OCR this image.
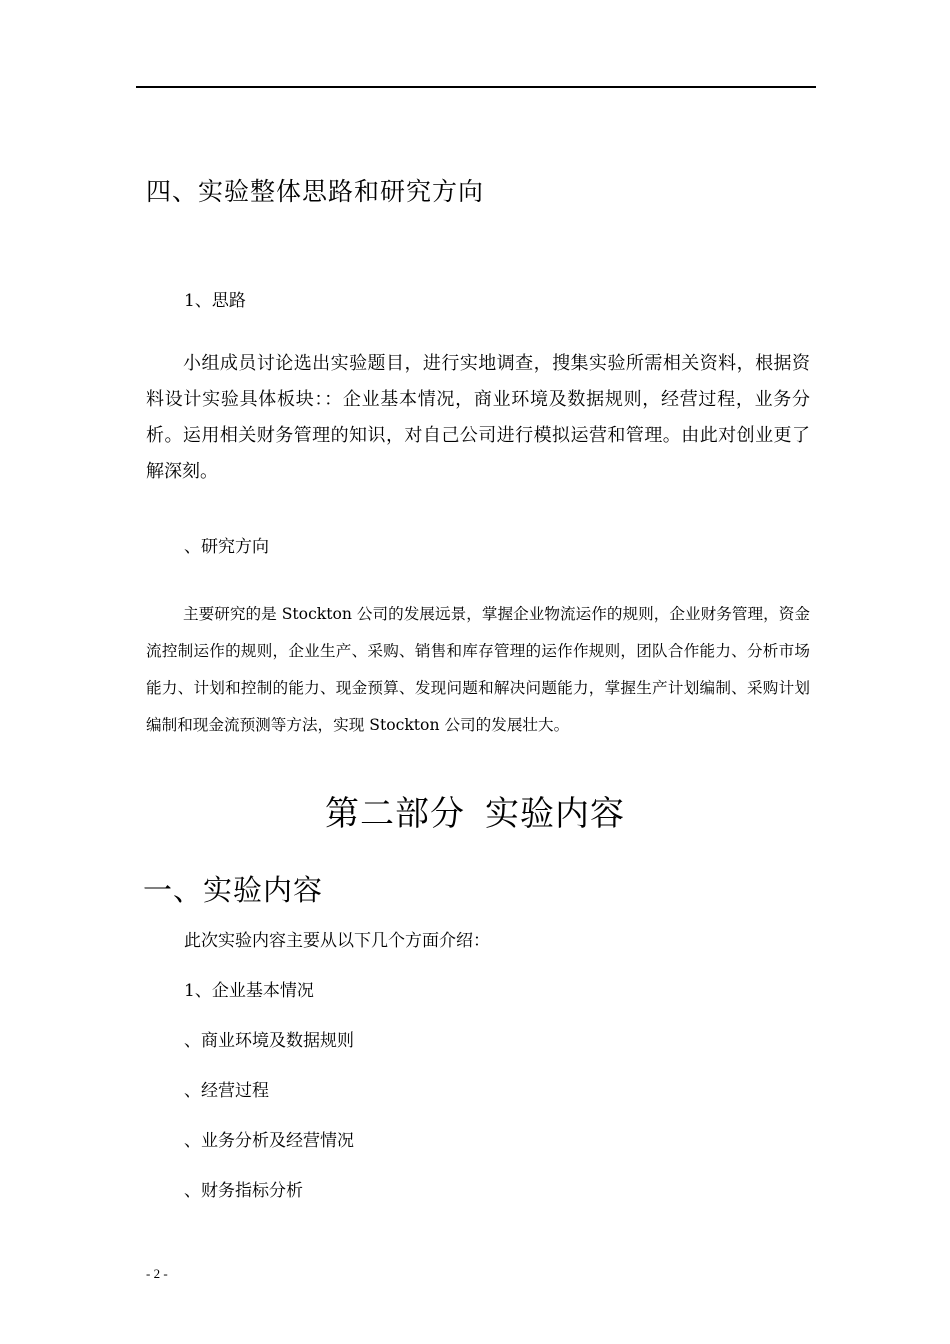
四、实验整体思路和研究方向
1、思路

小组成员讨论选出实验题目，进行实地调查，搜集实验所需相关资料，根据资料设计实验具体板块：：企业基本情况，商业环境及数据规则，经营过程，业务分析。运用相关财务管理的知识，对自己公司进行模拟运营和管理。由此对创业更了解深刻。

、研究方向

主要研究的是 Stockton 公司的发展远景，掌握企业物流运作的规则，企业财务管理，资金流控制运作的规则，企业生产、采购、销售和库存管理的运作作规则，团队合作能力、分析市场能力、计划和控制的能力、现金预算、发现问题和解决问题能力，掌握生产计划编制、采购计划编制和现金流预测等方法，实现 Stockton 公司的发展壮大。

第二部分 实验内容
一、实验内容
此次实验内容主要从以下几个方面介绍：
1、企业基本情况
、商业环境及数据规则
、经营过程
、业务分析及经营情况
、财务指标分析
- 2 -
